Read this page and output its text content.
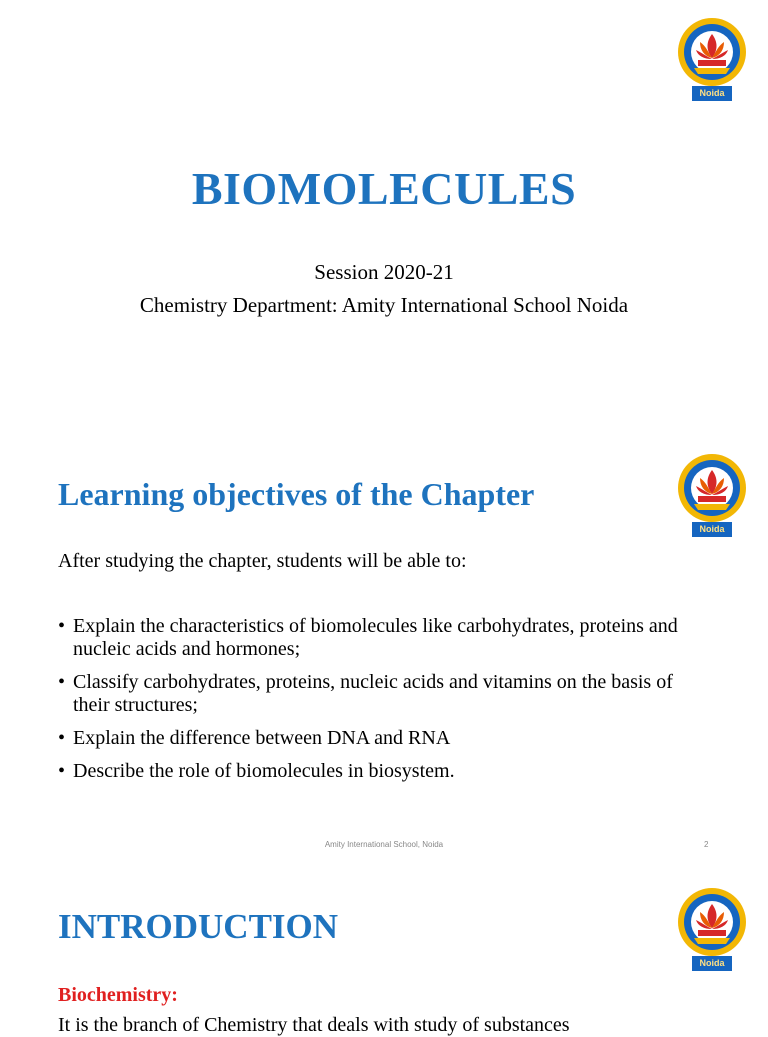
Noida
BIOMOLECULES
Session 2020-21
Chemistry Department: Amity International School Noida
Noida
Learning objectives of the Chapter
After studying the chapter, students will be able to:
• Explain the characteristics of biomolecules like carbohydrates, proteins and nucleic acids and hormones;
• Classify carbohydrates, proteins, nucleic acids and vitamins on the basis of their structures;
• Explain the difference between DNA and RNA
• Describe the role of biomolecules in biosystem.
Amity International School, Noida	2
Noida
INTRODUCTION
Biochemistry:
It is the branch of Chemistry that deals with study of substances
